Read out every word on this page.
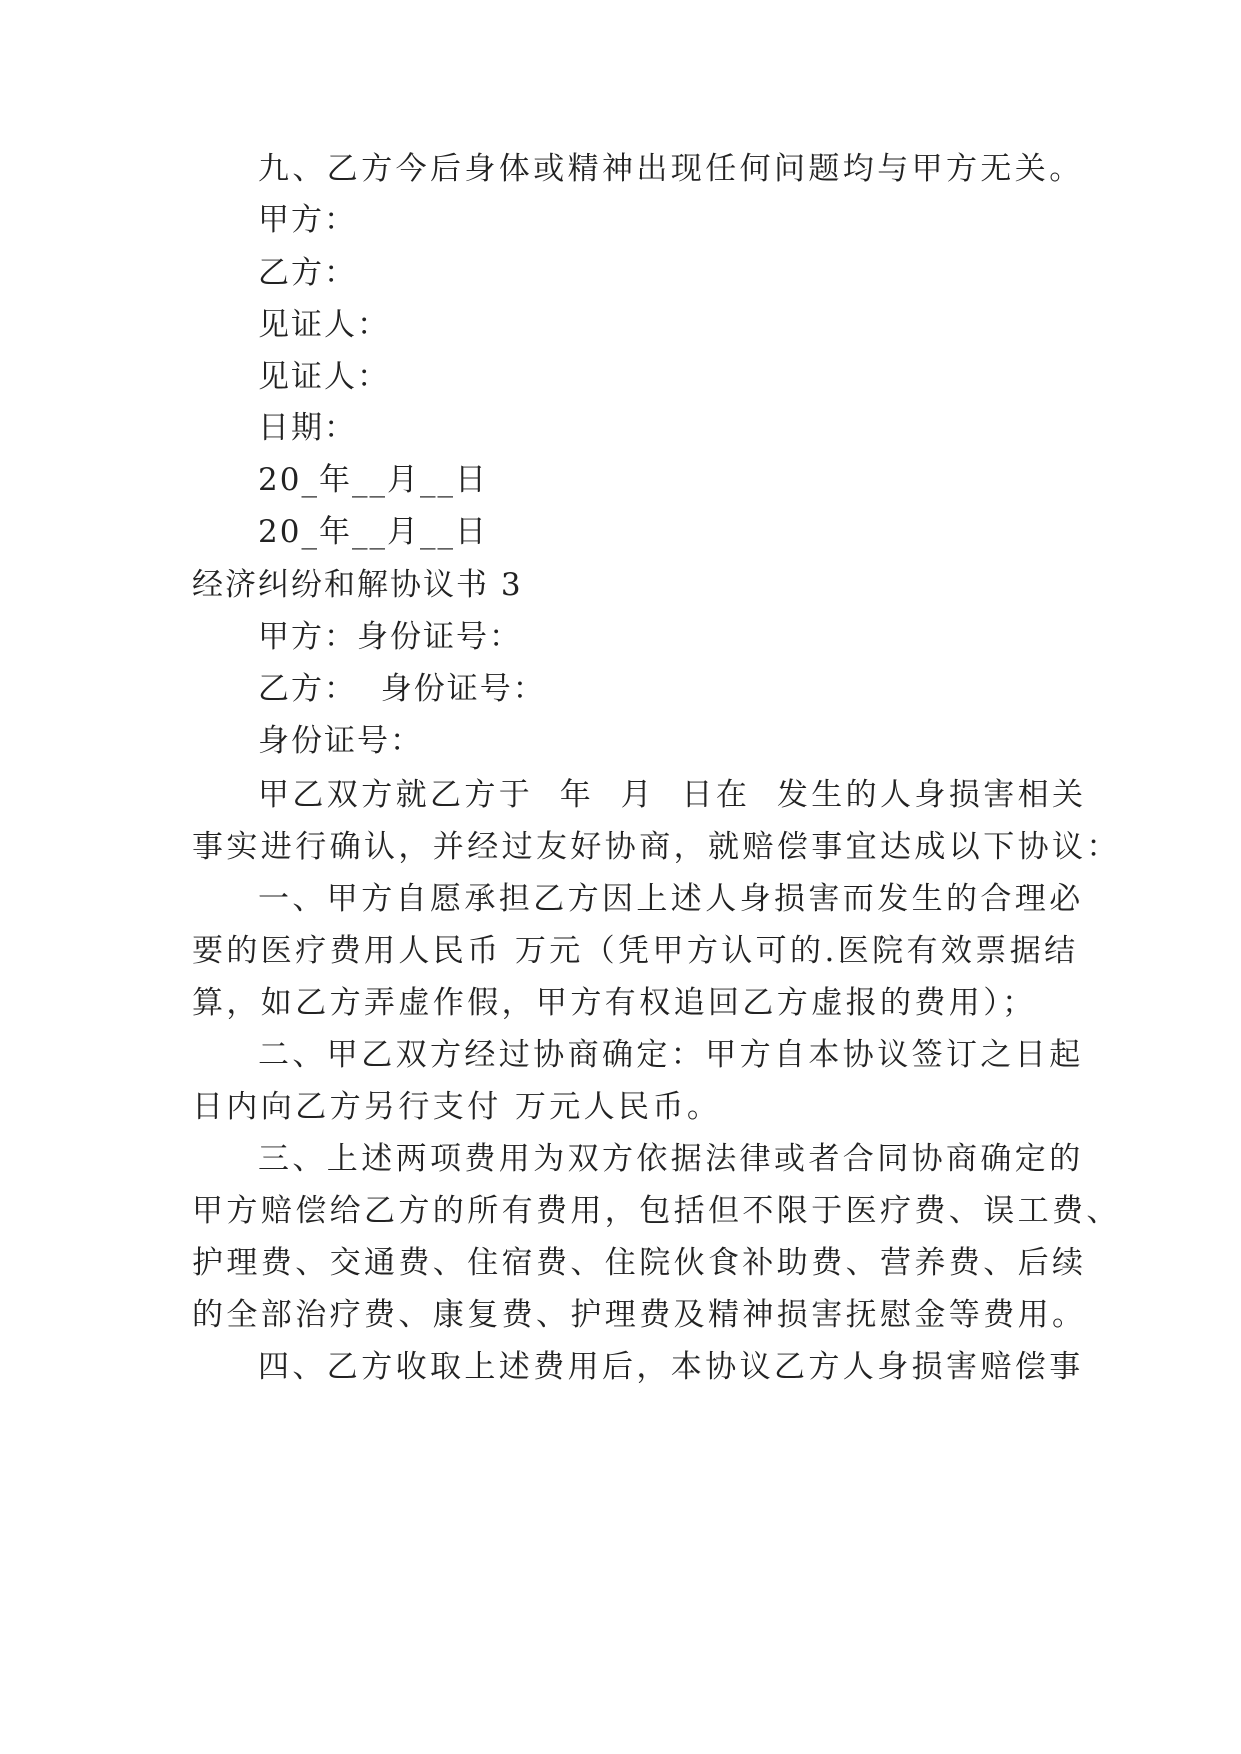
九、乙方今后身体或精神出现任何问题均与甲方无关。
甲方：
乙方：
见证人：
见证人：
日期：
20_年__月__日
20_年__月__日
经济纠纷和解协议书 3
甲方：身份证号：
乙方：  身份证号：
身份证号：
甲乙双方就乙方于  年  月  日在  发生的人身损害相关
事实进行确认，并经过友好协商，就赔偿事宜达成以下协议：
一、甲方自愿承担乙方因上述人身损害而发生的合理必
要的医疗费用人民币 万元（凭甲方认可的.医院有效票据结
算，如乙方弄虚作假，甲方有权追回乙方虚报的费用）；
二、甲乙双方经过协商确定：甲方自本协议签订之日起
日内向乙方另行支付 万元人民币。
三、上述两项费用为双方依据法律或者合同协商确定的
甲方赔偿给乙方的所有费用，包括但不限于医疗费、误工费、
护理费、交通费、住宿费、住院伙食补助费、营养费、后续
的全部治疗费、康复费、护理费及精神损害抚慰金等费用。
四、乙方收取上述费用后，本协议乙方人身损害赔偿事
